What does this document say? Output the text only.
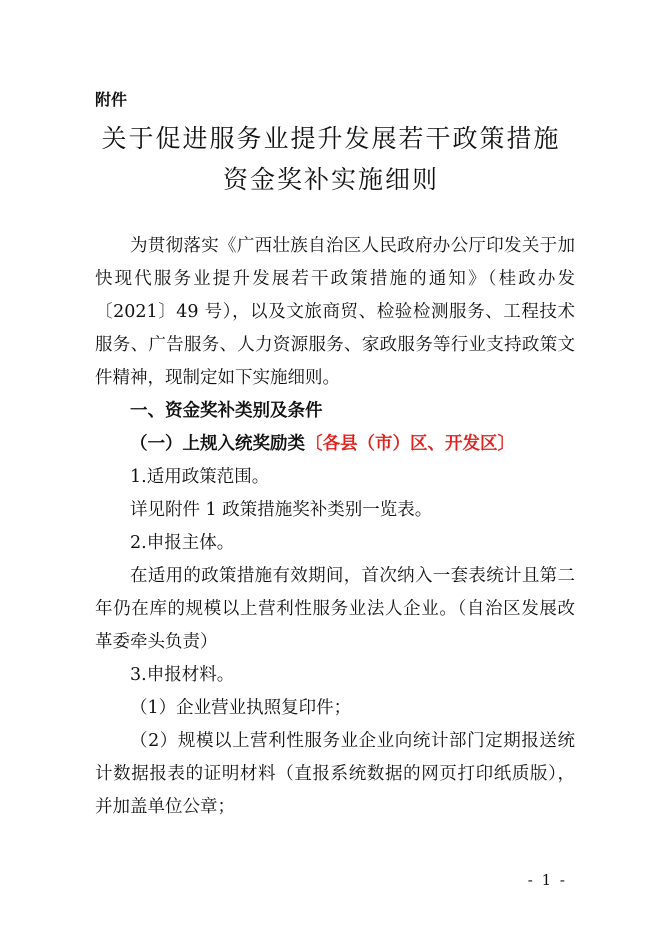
附件
关于促进服务业提升发展若干政策措施
资金奖补实施细则

为贯彻落实《广西壮族自治区人民政府办公厅印发关于加快现代服务业提升发展若干政策措施的通知》（桂政办发〔2021〕49 号），以及文旅商贸、检验检测服务、工程技术服务、广告服务、人力资源服务、家政服务等行业支持政策文件精神，现制定如下实施细则。

一、资金奖补类别及条件

（一）上规入统奖励类〔各县（市）区、开发区〕

1.适用政策范围。

详见附件 1 政策措施奖补类别一览表。

2.申报主体。

在适用的政策措施有效期间，首次纳入一套表统计且第二年仍在库的规模以上营利性服务业法人企业。（自治区发展改革委牵头负责）

3.申报材料。

（1）企业营业执照复印件；

（2）规模以上营利性服务业企业向统计部门定期报送统计数据报表的证明材料（直报系统数据的网页打印纸质版），并加盖单位公章；

- 1 -
